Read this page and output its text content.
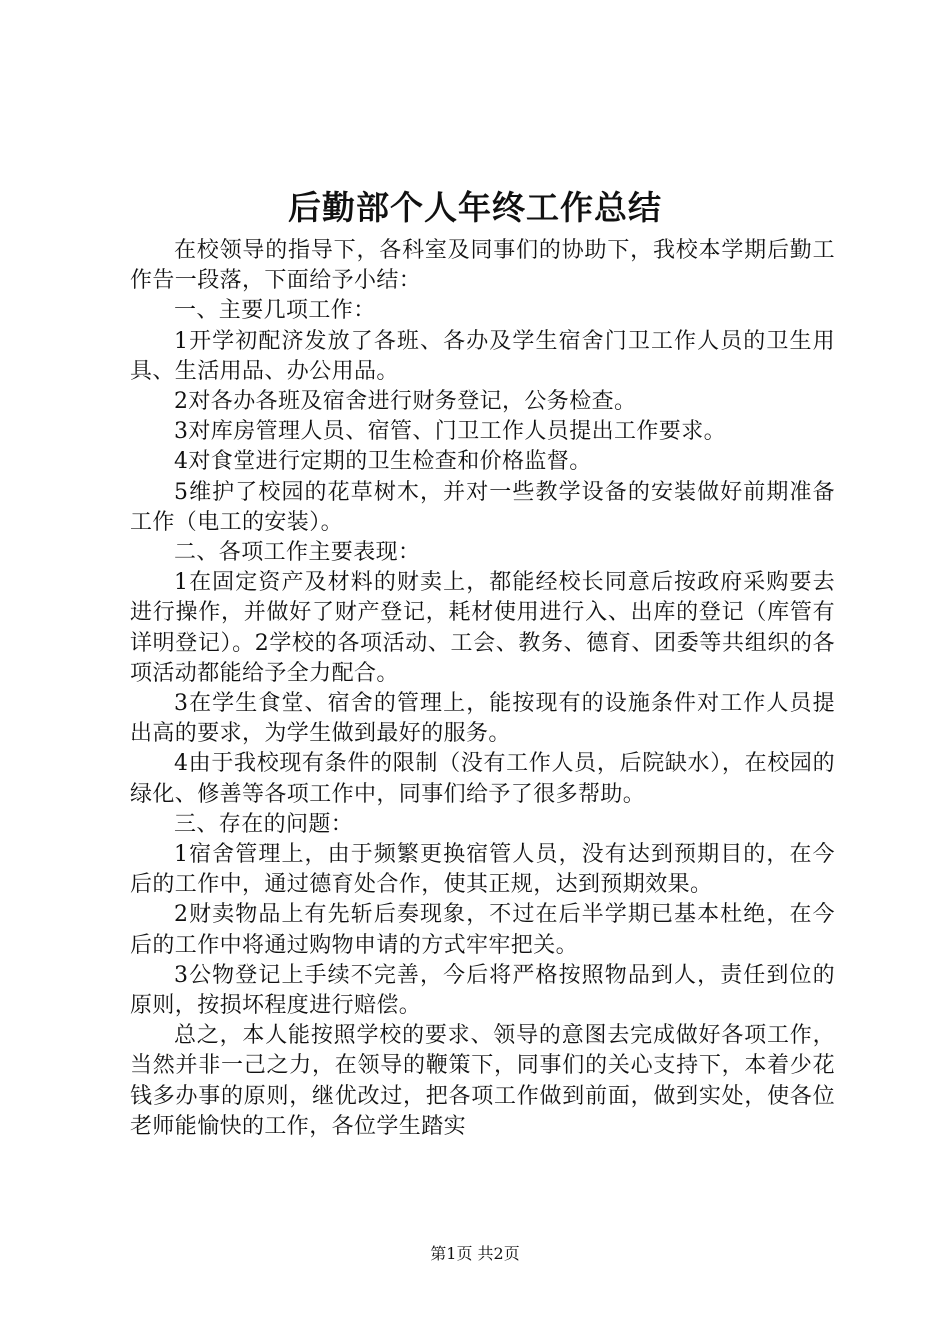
后勤部个人年终工作总结

在校领导的指导下，各科室及同事们的协助下，我校本学期后勤工作告一段落，下面给予小结：

一、主要几项工作：

1开学初配济发放了各班、各办及学生宿舍门卫工作人员的卫生用具、生活用品、办公用品。

2对各办各班及宿舍进行财务登记，公务检查。

3对库房管理人员、宿管、门卫工作人员提出工作要求。

4对食堂进行定期的卫生检查和价格监督。

5维护了校园的花草树木，并对一些教学设备的安装做好前期准备工作（电工的安装）。

二、各项工作主要表现：

1在固定资产及材料的财卖上，都能经校长同意后按政府采购要去进行操作，并做好了财产登记，耗材使用进行入、出库的登记（库管有详明登记）。2学校的各项活动、工会、教务、德育、团委等共组织的各项活动都能给予全力配合。

3在学生食堂、宿舍的管理上，能按现有的设施条件对工作人员提出高的要求，为学生做到最好的服务。

4由于我校现有条件的限制（没有工作人员，后院缺水），在校园的绿化、修善等各项工作中，同事们给予了很多帮助。

三、存在的问题：

1宿舍管理上，由于频繁更换宿管人员，没有达到预期目的，在今后的工作中，通过德育处合作，使其正规，达到预期效果。

2财卖物品上有先斩后奏现象，不过在后半学期已基本杜绝，在今后的工作中将通过购物申请的方式牢牢把关。

3公物登记上手续不完善，今后将严格按照物品到人，责任到位的原则，按损坏程度进行赔偿。

总之，本人能按照学校的要求、领导的意图去完成做好各项工作，当然并非一己之力，在领导的鞭策下，同事们的关心支持下，本着少花钱多办事的原则，继优改过，把各项工作做到前面，做到实处，使各位老师能愉快的工作，各位学生踏实

第1页 共2页
